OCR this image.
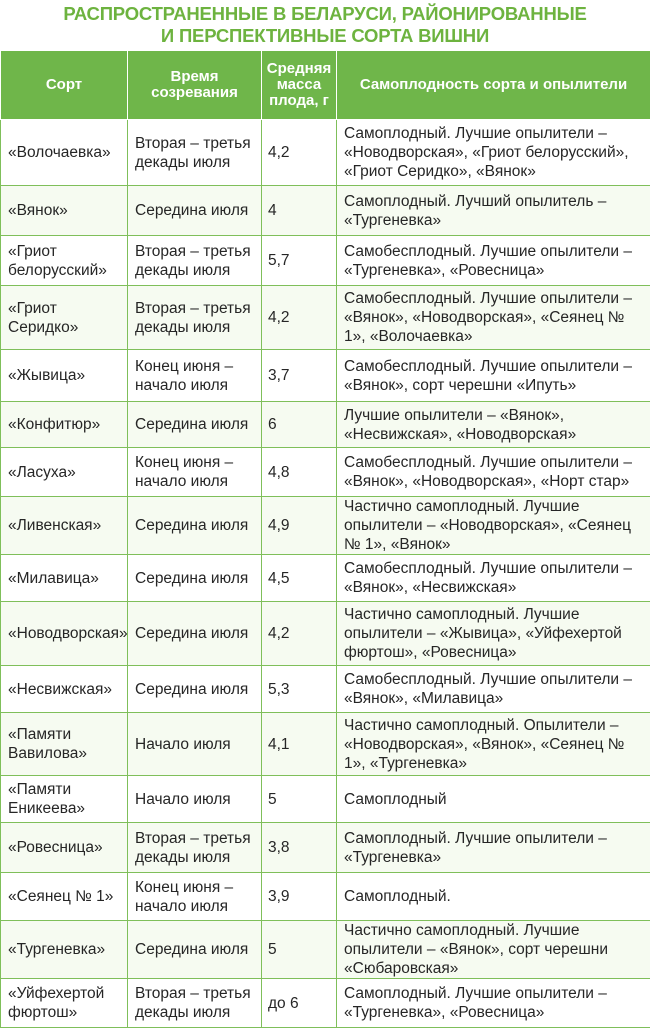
РАСПРОСТРАНЕННЫЕ В БЕЛАРУСИ, РАЙОНИРОВАННЫЕ
И ПЕРСПЕКТИВНЫЕ СОРТА ВИШНИ
Сорт	Время созревания	Средняя масса плода, г	Самоплодность сорта и опылители
«Волочаевка»	Вторая – третья декады июля	4,2	Самоплодный. Лучшие опылители – «Новодворская», «Гриот белорусский», «Гриот Серидко», «Вянок»
«Вянок»	Середина июля	4	Самоплодный. Лучший опылитель – «Тургеневка»
«Гриот белорусский»	Вторая – третья декады июля	5,7	Самобесплодный. Лучшие опылители – «Тургеневка», «Ровесница»
«Гриот Серидко»	Вторая – третья декады июля	4,2	Самобесплодный. Лучшие опылители – «Вянок», «Новодворская», «Сеянец № 1», «Волочаевка»
«Жывица»	Конец июня – начало июля	3,7	Самобесплодный. Лучшие опылители – «Вянок», сорт черешни «Ипуть»
«Конфитюр»	Середина июля	6	Лучшие опылители – «Вянок», «Несвижская», «Новодворская»
«Ласуха»	Конец июня – начало июля	4,8	Самобесплодный. Лучшие опылители – «Вянок», «Новодворская», «Норт стар»
«Ливенская»	Середина июля	4,9	Частично самоплодный. Лучшие опылители – «Новодворская», «Сеянец № 1», «Вянок»
«Милавица»	Середина июля	4,5	Самобесплодный. Лучшие опылители – «Вянок», «Несвижская»
«Новодворская»	Середина июля	4,2	Частично самоплодный. Лучшие опылители – «Жывица», «Уйфехертой фюртош», «Ровесница»
«Несвижская»	Середина июля	5,3	Самобесплодный. Лучшие опылители – «Вянок», «Милавица»
«Памяти Вавилова»	Начало июля	4,1	Частично самоплодный. Опылители – «Новодворская», «Вянок», «Сеянец № 1», «Тургеневка»
«Памяти Еникеева»	Начало июля	5	Самоплодный
«Ровесница»	Вторая – третья декады июля	3,8	Самоплодный. Лучшие опылители – «Тургеневка»
«Сеянец № 1»	Конец июня – начало июля	3,9	Самоплодный.
«Тургеневка»	Середина июля	5	Частично самоплодный. Лучшие опылители – «Вянок», сорт черешни «Сюбаровская»
«Уйфехертой фюртош»	Вторая – третья декады июля	до 6	Самоплодный. Лучшие опылители – «Тургеневка», «Ровесница»
